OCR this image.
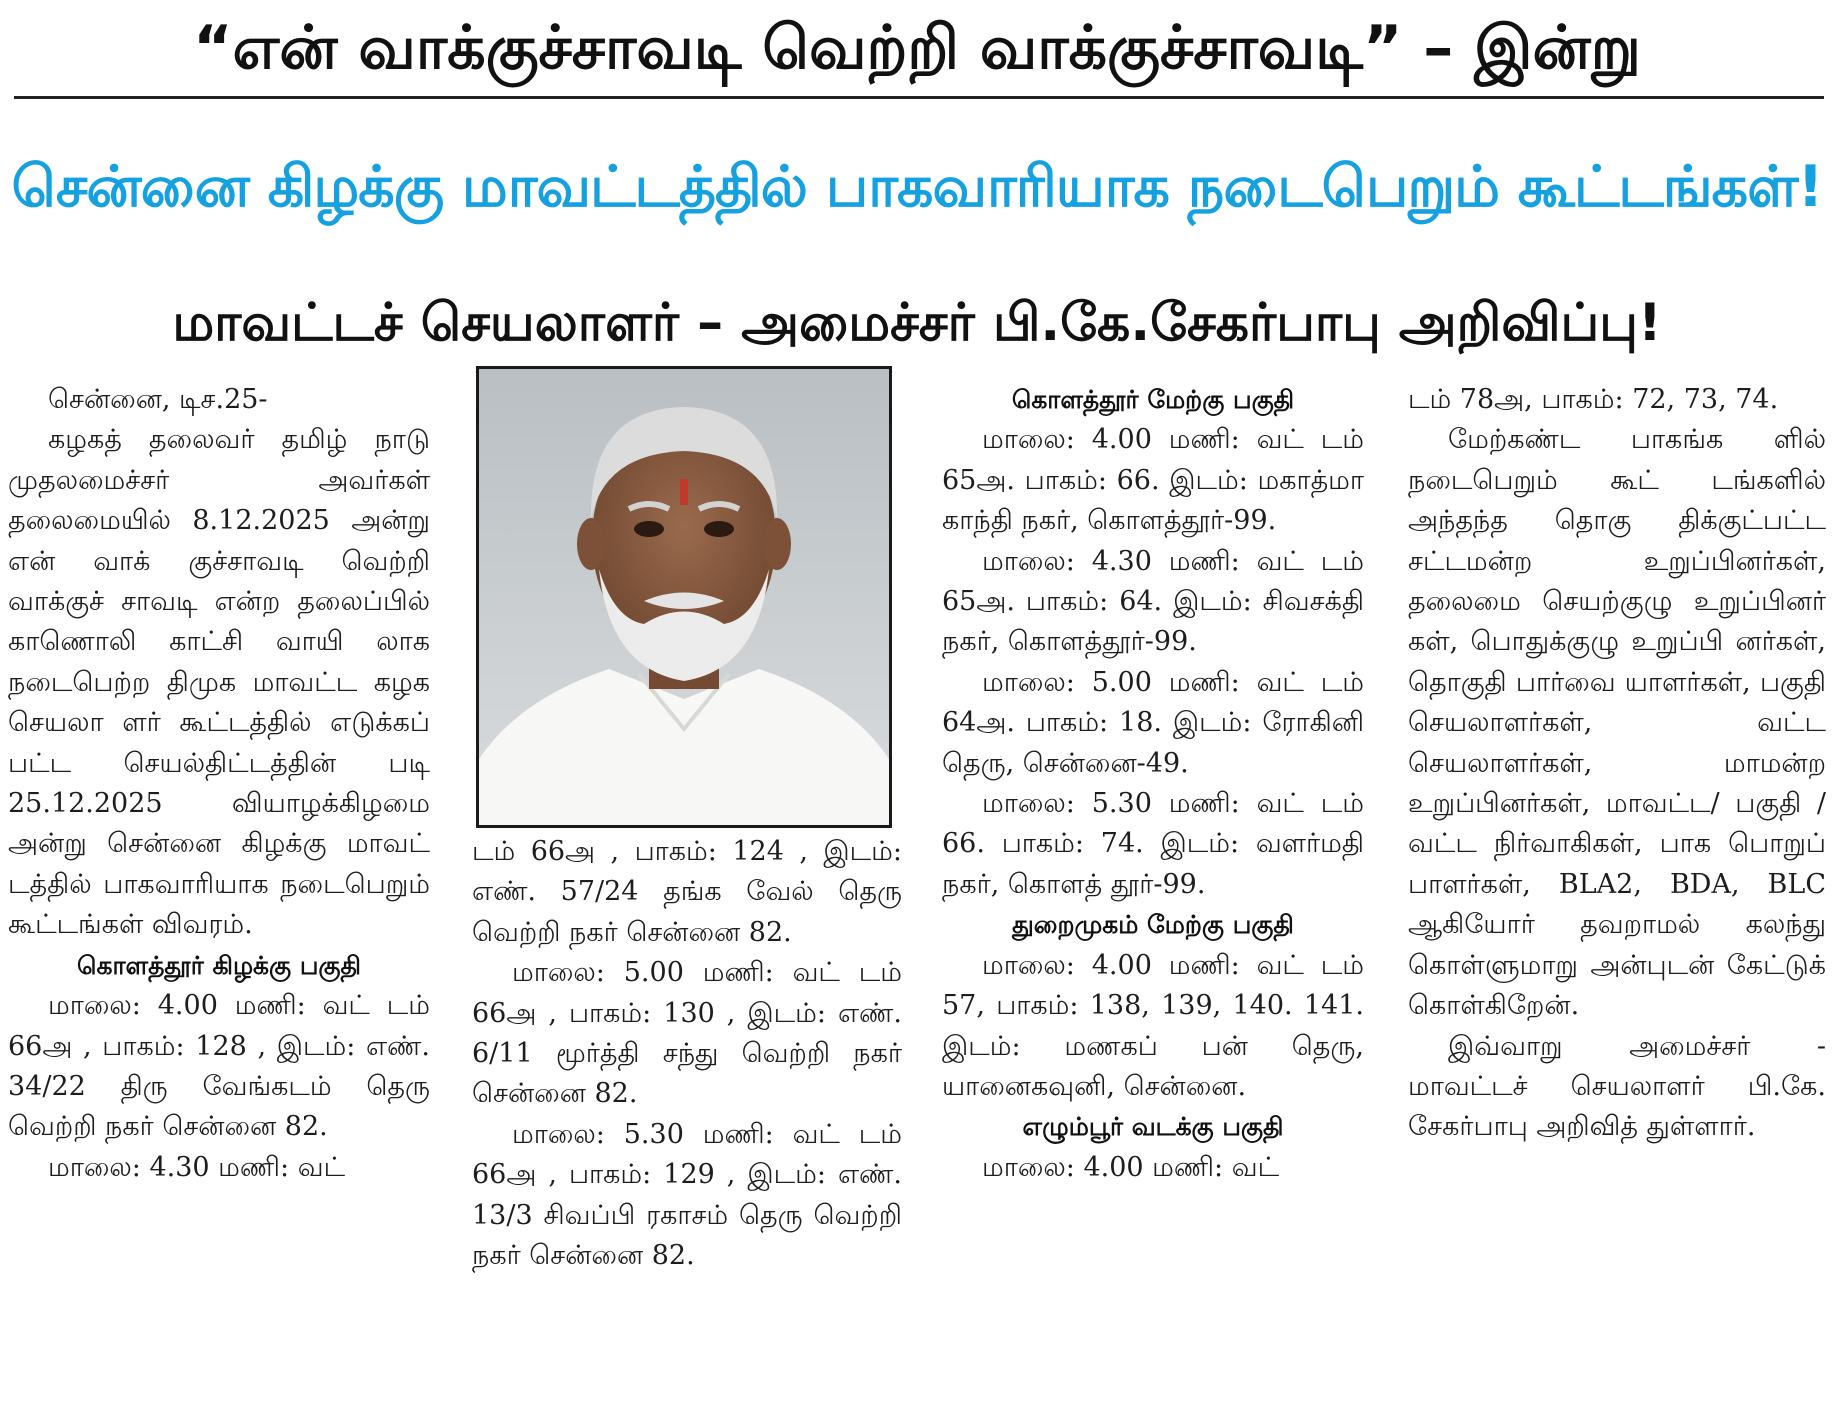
“என் வாக்குச்சாவடி வெற்றி வாக்குச்சாவடி” – இன்று
சென்னை கிழக்கு மாவட்டத்தில் பாகவாரியாக நடைபெறும் கூட்டங்கள்!
மாவட்டச் செயலாளர் – அமைச்சர் பி.கே.சேகர்பாபு அறிவிப்பு!

சென்னை, டிச.25-

கழகத் தலைவர் தமிழ் நாடு முதலமைச்சர் அவர்கள் தலைமையில் 8.12.2025 அன்று என் வாக் குச்சாவடி வெற்றி வாக்குச் சாவடி என்ற தலைப்பில் காணொலி காட்சி வாயி லாக நடைபெற்ற திமுக மாவட்ட கழக செயலா ளர் கூட்டத்தில் எடுக்கப் பட்ட செயல்திட்டத்தின் படி 25.12.2025 வியாழக்கிழமை அன்று சென்னை கிழக்கு மாவட் டத்தில் பாகவாரியாக நடைபெறும் கூட்டங்கள் விவரம்.

கொளத்தூர் கிழக்கு பகுதி

மாலை: 4.00 மணி: வட் டம் 66அ , பாகம்: 128 , இடம்: எண். 34/22 திரு வேங்கடம் தெரு வெற்றி நகர் சென்னை 82.

மாலை: 4.30 மணி: வட்

டம் 66அ , பாகம்: 124 , இடம்: எண். 57/24 தங்க வேல் தெரு வெற்றி நகர் சென்னை 82.

மாலை: 5.00 மணி: வட் டம் 66அ , பாகம்: 130 , இடம்: எண். 6/11 மூர்த்தி சந்து வெற்றி நகர் சென்னை 82.

மாலை: 5.30 மணி: வட் டம் 66அ , பாகம்: 129 , இடம்: எண். 13/3 சிவப்பி ரகாசம் தெரு வெற்றி நகர் சென்னை 82.

கொளத்தூர் மேற்கு பகுதி

மாலை: 4.00 மணி: வட் டம் 65அ. பாகம்: 66. இடம்: மகாத்மா காந்தி நகர், கொளத்தூர்-99.

மாலை: 4.30 மணி: வட் டம் 65அ. பாகம்: 64. இடம்: சிவசக்தி நகர், கொளத்தூர்-99.

மாலை: 5.00 மணி: வட் டம் 64அ. பாகம்: 18. இடம்: ரோகினி தெரு, சென்னை-49.

மாலை: 5.30 மணி: வட் டம் 66. பாகம்: 74. இடம்: வளர்மதி நகர், கொளத் தூர்-99.

துறைமுகம் மேற்கு பகுதி

மாலை: 4.00 மணி: வட் டம் 57, பாகம்: 138, 139, 140. 141. இடம்: மணகப் பன் தெரு, யானைகவுனி, சென்னை.

எழும்பூர் வடக்கு பகுதி

மாலை: 4.00 மணி: வட்

டம் 78அ, பாகம்: 72, 73, 74.

மேற்கண்ட பாகங்க ளில் நடைபெறும் கூட் டங்களில் அந்தந்த தொகு திக்குட்பட்ட சட்டமன்ற உறுப்பினர்கள், தலைமை செயற்குழு உறுப்பினர் கள், பொதுக்குழு உறுப்பி னர்கள், தொகுதி பார்வை யாளர்கள், பகுதி செயலாளர்கள், வட்ட செயலாளர்கள், மாமன்ற உறுப்பினர்கள், மாவட்ட/ பகுதி / வட்ட நிர்வாகிகள், பாக பொறுப் பாளர்கள், BLA2, BDA, BLC ஆகியோர் தவறாமல் கலந்து கொள்ளுமாறு அன்புடன் கேட்டுக் கொள்கிறேன்.

இவ்வாறு அமைச்சர் - மாவட்டச் செயலாளர் பி.கே. சேகர்பாபு அறிவித் துள்ளார்.
